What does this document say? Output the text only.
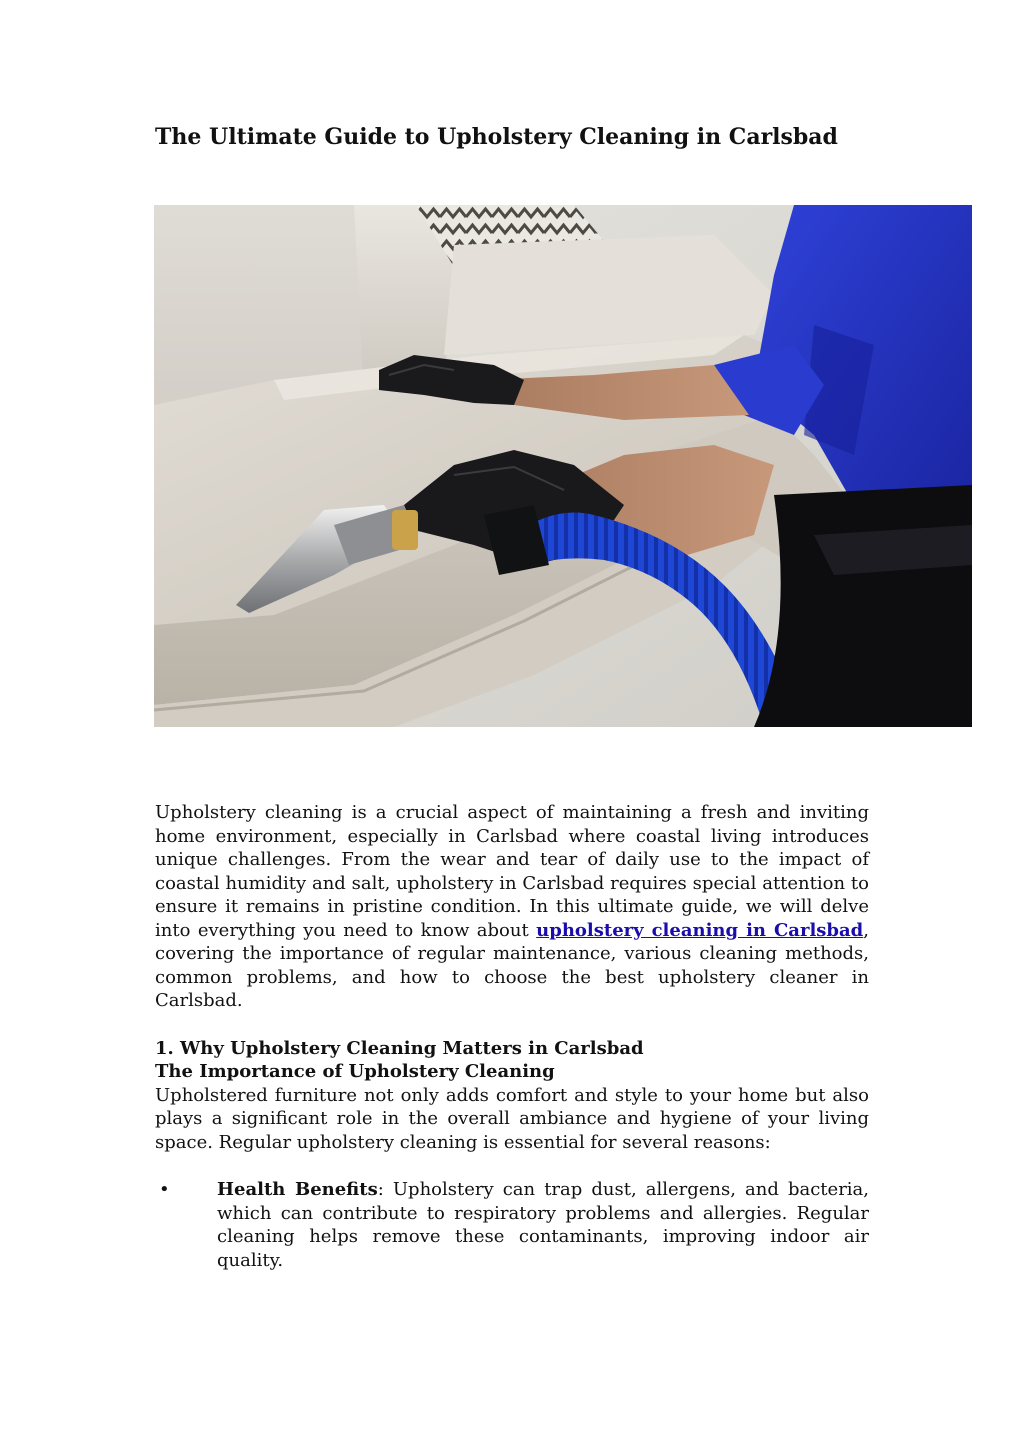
The Ultimate Guide to Upholstery Cleaning in Carlsbad

Upholstery cleaning is a crucial aspect of maintaining a fresh and inviting home environment, especially in Carlsbad where coastal living introduces unique challenges. From the wear and tear of daily use to the impact of coastal humidity and salt, upholstery in Carlsbad requires special attention to ensure it remains in pristine condition. In this ultimate guide, we will delve into everything you need to know about upholstery cleaning in Carlsbad, covering the importance of regular maintenance, various cleaning methods, common problems, and how to choose the best upholstery cleaner in Carlsbad.

1. Why Upholstery Cleaning Matters in Carlsbad

The Importance of Upholstery Cleaning

Upholstered furniture not only adds comfort and style to your home but also plays a significant role in the overall ambiance and hygiene of your living space. Regular upholstery cleaning is essential for several reasons:

•	Health Benefits: Upholstery can trap dust, allergens, and bacteria, which can contribute to respiratory problems and allergies. Regular cleaning helps remove these contaminants, improving indoor air quality.
